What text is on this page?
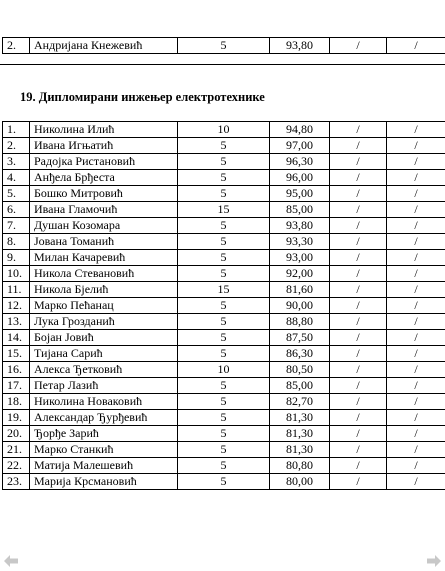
2.	Андријана Кнежевић	5	93,80	/	/
19. Дипломирани инжењер електротехнике
1.	Николина Илић	10	94,80	/	/
2.	Ивана Игњатић	5	97,00	/	/
3.	Радојка Ристановић	5	96,30	/	/
4.	Анђела Брђеста	5	96,00	/	/
5.	Бошко Митровић	5	95,00	/	/
6.	Ивана Гламочић	15	85,00	/	/
7.	Душан Козомара	5	93,80	/	/
8.	Јована Томанић	5	93,30	/	/
9.	Милан Качаревић	5	93,00	/	/
10.	Никола Стевановић	5	92,00	/	/
11.	Никола Бјелић	15	81,60	/	/
12.	Марко Пећанац	5	90,00	/	/
13.	Лука Грозданић	5	88,80	/	/
14.	Бојан Јовић	5	87,50	/	/
15.	Тијана Сарић	5	86,30	/	/
16.	Алекса Ђетковић	10	80,50	/	/
17.	Петар Лазић	5	85,00	/	/
18.	Николина Новаковић	5	82,70	/	/
19.	Александар Ђурђевић	5	81,30	/	/
20.	Ђорђе Зарић	5	81,30	/	/
21.	Марко Станкић	5	81,30	/	/
22.	Матија Малешевић	5	80,80	/	/
23.	Марија Крсмановић	5	80,00	/	/
